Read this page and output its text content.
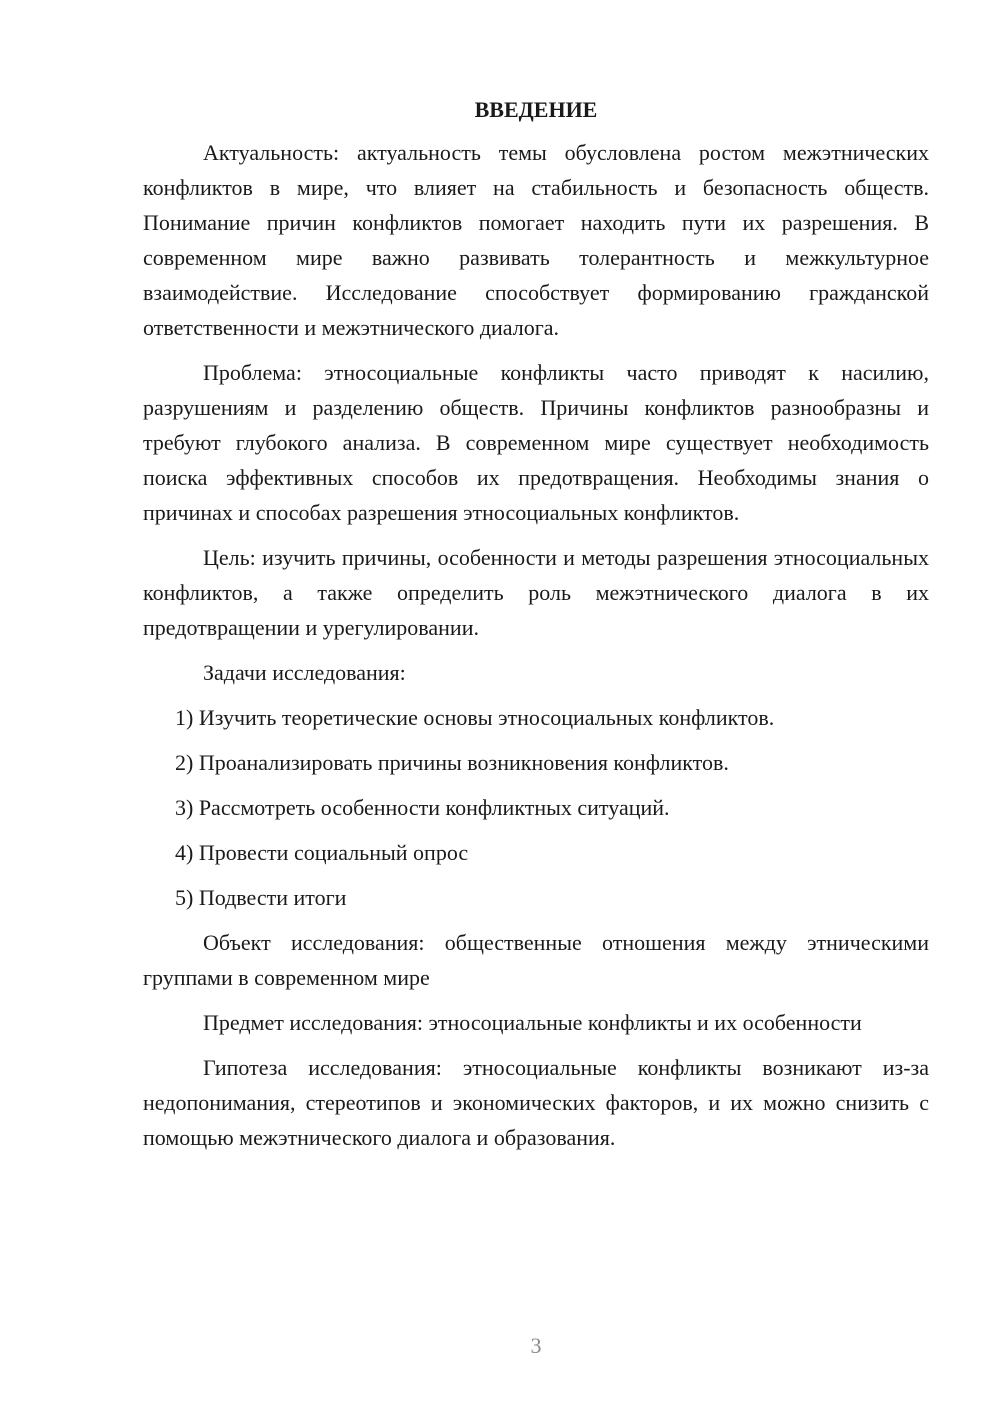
ВВЕДЕНИЕ

Актуальность: актуальность темы обусловлена ростом межэтнических конфликтов в мире, что влияет на стабильность и безопасность обществ. Понимание причин конфликтов помогает находить пути их разрешения. В современном мире важно развивать толерантность и межкультурное взаимодействие. Исследование способствует формированию гражданской ответственности и межэтнического диалога.

Проблема: этносоциальные конфликты часто приводят к насилию, разрушениям и разделению обществ. Причины конфликтов разнообразны и требуют глубокого анализа. В современном мире существует необходимость поиска эффективных способов их предотвращения. Необходимы знания о причинах и способах разрешения этносоциальных конфликтов.

Цель: изучить причины, особенности и методы разрешения этносоциальных конфликтов, а также определить роль межэтнического диалога в их предотвращении и урегулировании.

Задачи исследования:

1) Изучить теоретические основы этносоциальных конфликтов.
2) Проанализировать причины возникновения конфликтов.
3) Рассмотреть особенности конфликтных ситуаций.
4) Провести социальный опрос
5) Подвести итоги

Объект исследования: общественные отношения между этническими группами в современном мире

Предмет исследования: этносоциальные конфликты и их особенности

Гипотеза исследования: этносоциальные конфликты возникают из-за недопонимания, стереотипов и экономических факторов, и их можно снизить с помощью межэтнического диалога и образования.

3
